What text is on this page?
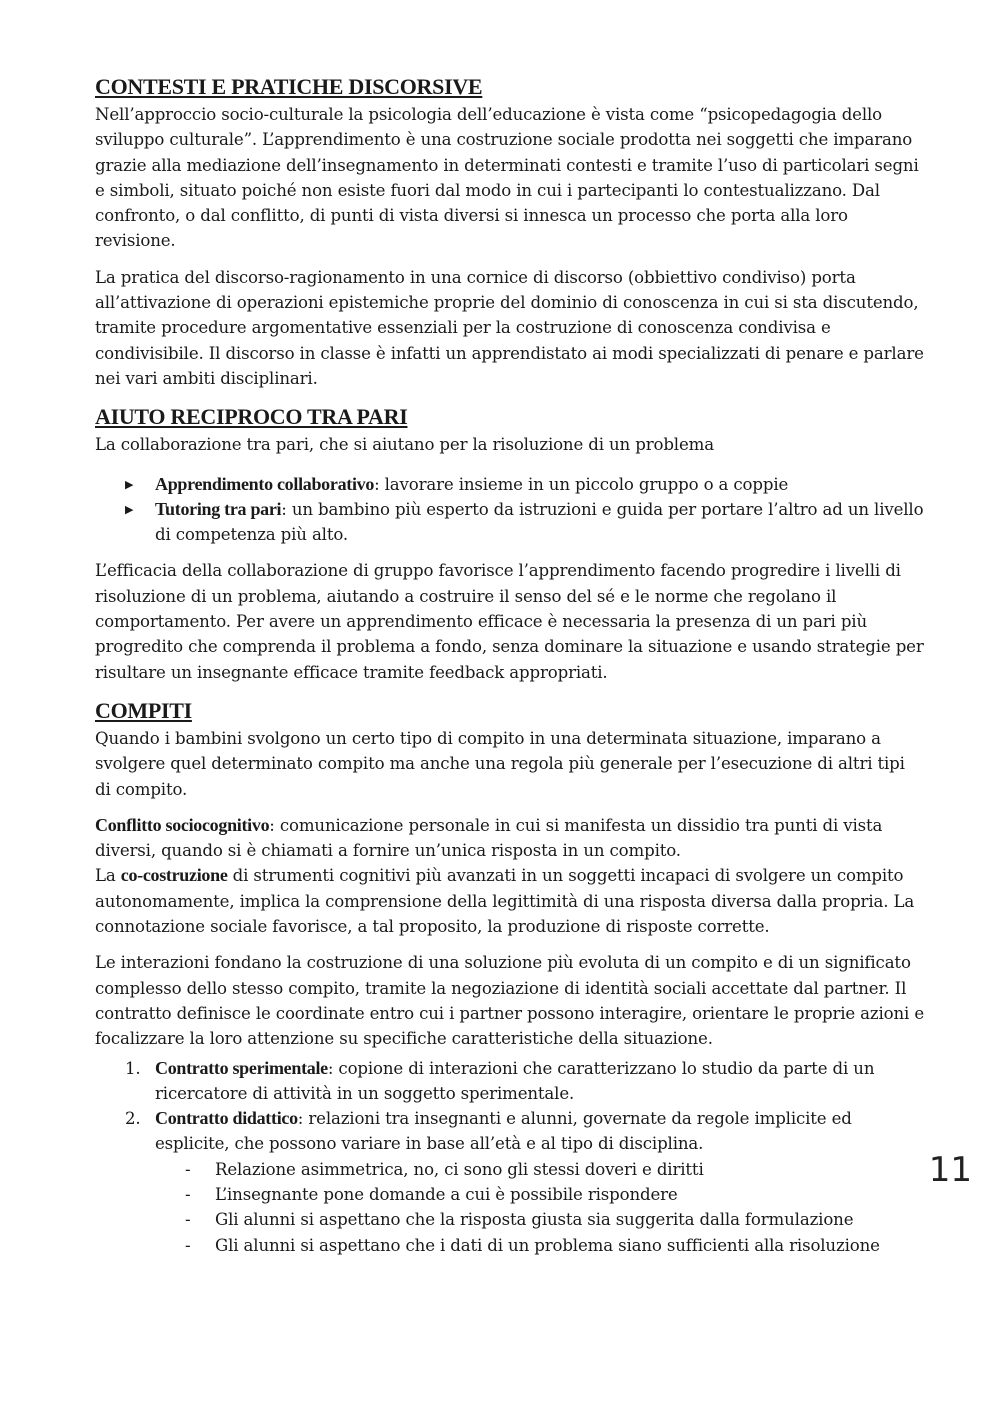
CONTESTI E PRATICHE DISCORSIVE

Nell’approccio socio-culturale la psicologia dell’educazione è vista come “psicopedagogia dello sviluppo culturale”. L’apprendimento è una costruzione sociale prodotta nei soggetti che imparano grazie alla mediazione dell’insegnamento in determinati contesti e tramite l’uso di particolari segni e simboli, situato poiché non esiste fuori dal modo in cui i partecipanti lo contestualizzano. Dal confronto, o dal conflitto, di punti di vista diversi si innesca un processo che porta alla loro revisione.

La pratica del discorso-ragionamento in una cornice di discorso (obbiettivo condiviso) porta all’attivazione di operazioni epistemiche proprie del dominio di conoscenza in cui si sta discutendo, tramite procedure argomentative essenziali per la costruzione di conoscenza condivisa e condivisibile. Il discorso in classe è infatti un apprendistato ai modi specializzati di penare e parlare nei vari ambiti disciplinari.

AIUTO RECIPROCO TRA PARI

La collaborazione tra pari, che si aiutano per la risoluzione di un problema

▶ Apprendimento collaborativo: lavorare insieme in un piccolo gruppo o a coppie
▶ Tutoring tra pari: un bambino più esperto da istruzioni e guida per portare l’altro ad un livello di competenza più alto.

L’efficacia della collaborazione di gruppo favorisce l’apprendimento facendo progredire i livelli di risoluzione di un problema, aiutando a costruire il senso del sé e le norme che regolano il comportamento. Per avere un apprendimento efficace è necessaria la presenza di un pari più progredito che comprenda il problema a fondo, senza dominare la situazione e usando strategie per risultare un insegnante efficace tramite feedback appropriati.

COMPITI

Quando i bambini svolgono un certo tipo di compito in una determinata situazione, imparano a svolgere quel determinato compito ma anche una regola più generale per l’esecuzione di altri tipi di compito.

Conflitto sociocognitivo: comunicazione personale in cui si manifesta un dissidio tra punti di vista diversi, quando si è chiamati a fornire un’unica risposta in un compito.
La co-costruzione di strumenti cognitivi più avanzati in un soggetti incapaci di svolgere un compito autonomamente, implica la comprensione della legittimità di una risposta diversa dalla propria. La connotazione sociale favorisce, a tal proposito, la produzione di risposte corrette.

Le interazioni fondano la costruzione di una soluzione più evoluta di un compito e di un significato complesso dello stesso compito, tramite la negoziazione di identità sociali accettate dal partner. Il contratto definisce le coordinate entro cui i partner possono interagire, orientare le proprie azioni e focalizzare la loro attenzione su specifiche caratteristiche della situazione.

1. Contratto sperimentale: copione di interazioni che caratterizzano lo studio da parte di un ricercatore di attività in un soggetto sperimentale.
2. Contratto didattico: relazioni tra insegnanti e alunni, governate da regole implicite ed esplicite, che possono variare in base all’età e al tipo di disciplina.
- Relazione asimmetrica, no, ci sono gli stessi doveri e diritti
- L’insegnante pone domande a cui è possibile rispondere
- Gli alunni si aspettano che la risposta giusta sia suggerita dalla formulazione
- Gli alunni si aspettano che i dati di un problema siano sufficienti alla risoluzione
11
